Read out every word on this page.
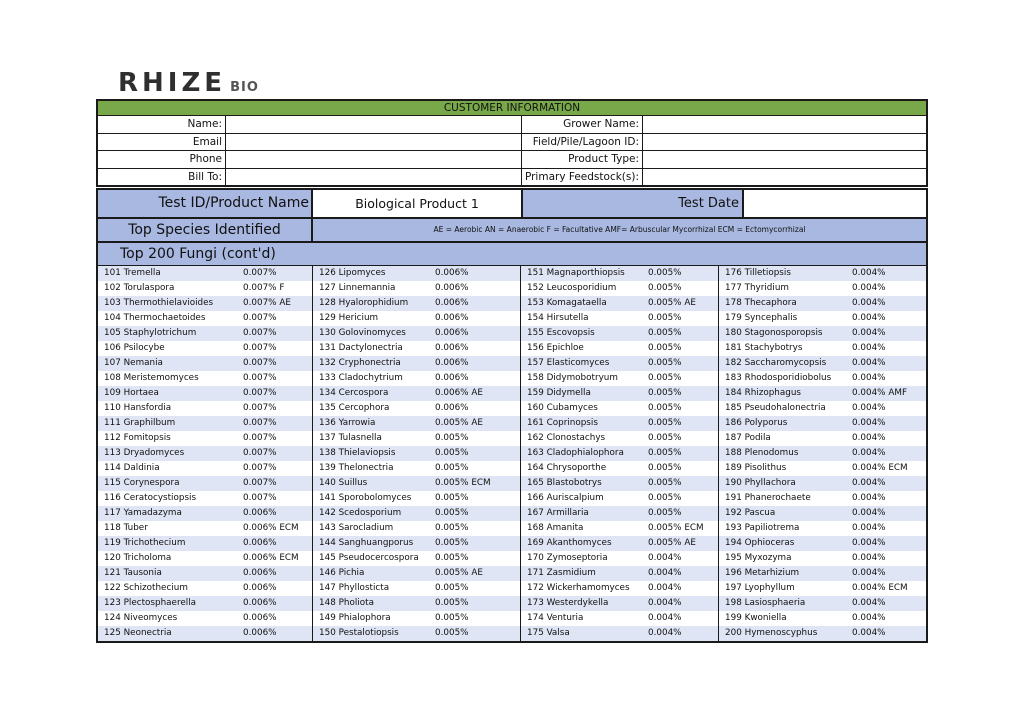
RHIZE BIO
CUSTOMER INFORMATION
Name:	Grower Name:
Email	Field/Pile/Lagoon ID:
Phone	Product Type:
Bill To:	Primary Feedstock(s):
Test ID/Product Name	Biological Product 1	Test Date
Top Species Identified	AE = Aerobic AN = Anaerobic F = Facultative AMF= Arbuscular Mycorrhizal ECM = Ectomycorrhizal
Top 200 Fungi (cont'd)
101 Tremella	0.007%
102 Torulaspora	0.007% F
103 Thermothielavioides	0.007% AE
104 Thermochaetoides	0.007%
105 Staphylotrichum	0.007%
106 Psilocybe	0.007%
107 Nemania	0.007%
108 Meristemomyces	0.007%
109 Hortaea	0.007%
110 Hansfordia	0.007%
111 Graphilbum	0.007%
112 Fomitopsis	0.007%
113 Dryadomyces	0.007%
114 Daldinia	0.007%
115 Corynespora	0.007%
116 Ceratocystiopsis	0.007%
117 Yamadazyma	0.006%
118 Tuber	0.006% ECM
119 Trichothecium	0.006%
120 Tricholoma	0.006% ECM
121 Tausonia	0.006%
122 Schizothecium	0.006%
123 Plectosphaerella	0.006%
124 Niveomyces	0.006%
125 Neonectria	0.006%
126 Lipomyces	0.006%
127 Linnemannia	0.006%
128 Hyalorophidium	0.006%
129 Hericium	0.006%
130 Golovinomyces	0.006%
131 Dactylonectria	0.006%
132 Cryphonectria	0.006%
133 Cladochytrium	0.006%
134 Cercospora	0.006% AE
135 Cercophora	0.006%
136 Yarrowia	0.005% AE
137 Tulasnella	0.005%
138 Thielaviopsis	0.005%
139 Thelonectria	0.005%
140 Suillus	0.005% ECM
141 Sporobolomyces	0.005%
142 Scedosporium	0.005%
143 Sarocladium	0.005%
144 Sanghuangporus 0.005%
145 Pseudocercospora 0.005%
146 Pichia	0.005% AE
147 Phyllosticta	0.005%
148 Pholiota	0.005%
149 Phialophora	0.005%
150 Pestalotiopsis	0.005%
151 Magnaporthiopsis	0.005%
152 Leucosporidium	0.005%
153 Komagataella	0.005% AE
154 Hirsutella	0.005%
155 Escovopsis	0.005%
156 Epichloe	0.005%
157 Elasticomyces	0.005%
158 Didymobotryum	0.005%
159 Didymella	0.005%
160 Cubamyces	0.005%
161 Coprinopsis	0.005%
162 Clonostachys	0.005%
163 Cladophialophora	0.005%
164 Chrysoporthe	0.005%
165 Blastobotrys	0.005%
166 Auriscalpium	0.005%
167 Armillaria	0.005%
168 Amanita	0.005% ECM
169 Akanthomyces	0.005% AE
170 Zymoseptoria	0.004%
171 Zasmidium	0.004%
172 Wickerhamomyces 0.004%
173 Westerdykella	0.004%
174 Venturia	0.004%
175 Valsa	0.004%
176 Tilletiopsis	0.004%
177 Thyridium	0.004%
178 Thecaphora	0.004%
179 Syncephalis	0.004%
180 Stagonosporopsis	0.004%
181 Stachybotrys	0.004%
182 Saccharomycopsis	0.004%
183 Rhodosporidiobolus 0.004%
184 Rhizophagus	0.004% AMF
185 Pseudohalonectria	0.004%
186 Polyporus	0.004%
187 Podila	0.004%
188 Plenodomus	0.004%
189 Pisolithus	0.004% ECM
190 Phyllachora	0.004%
191 Phanerochaete	0.004%
192 Pascua	0.004%
193 Papiliotrema	0.004%
194 Ophioceras	0.004%
195 Myxozyma	0.004%
196 Metarhizium	0.004%
197 Lyophyllum	0.004% ECM
198 Lasiosphaeria	0.004%
199 Kwoniella	0.004%
200 Hymenoscyphus	0.004%
